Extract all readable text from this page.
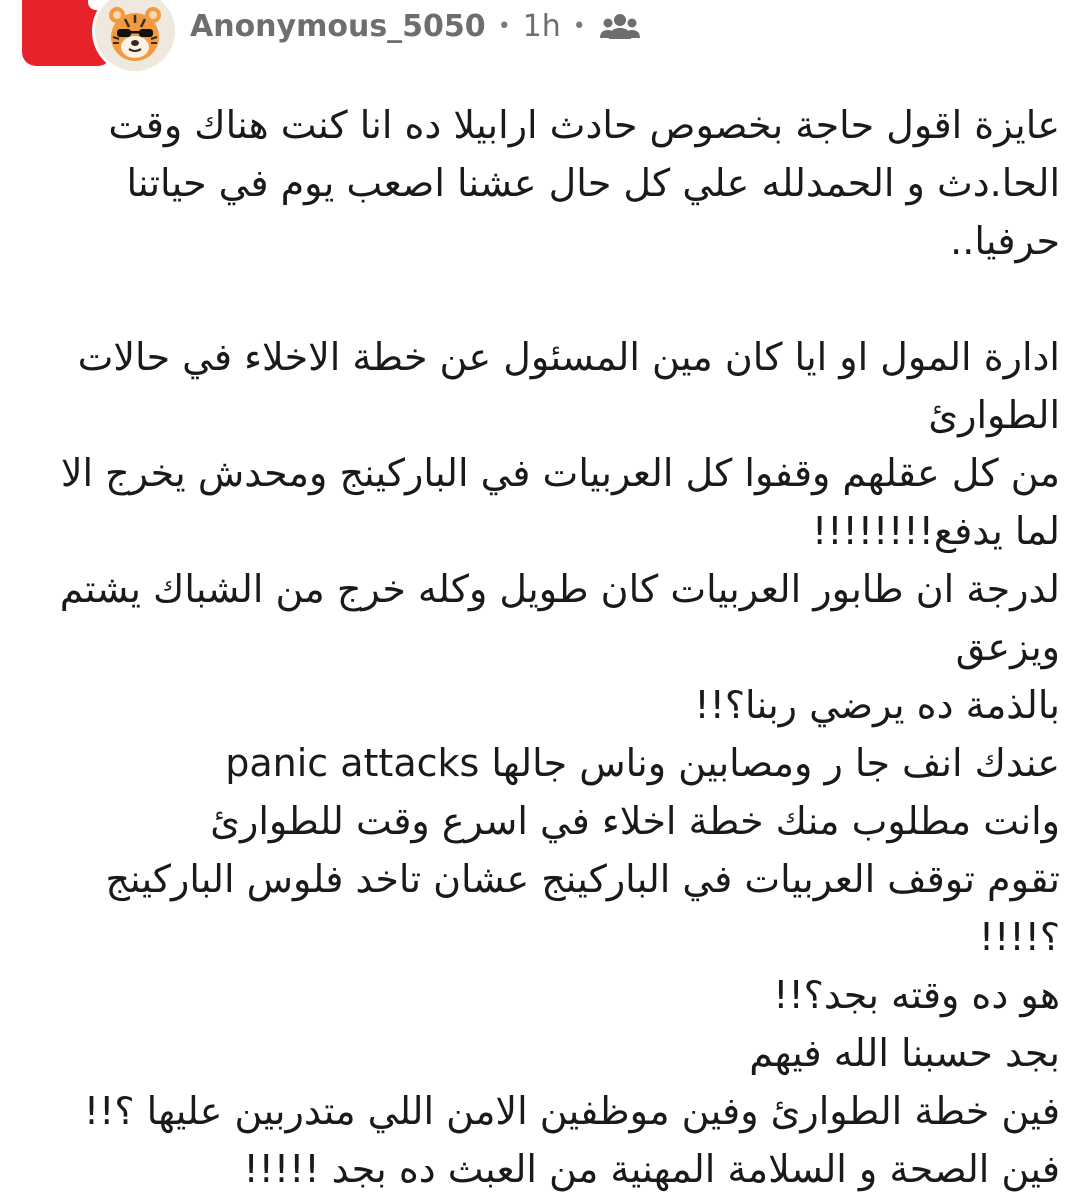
Anonymous_5050 • 1h •

عايزة اقول حاجة بخصوص حادث ارابيلا ده انا كنت هناك وقت الحا.دث و الحمدلله علي كل حال عشنا اصعب يوم في حياتنا حرفيا..

ادارة المول او ايا كان مين المسئول عن خطة الاخلاء في حالات الطوارئ

من كل عقلهم وقفوا كل العربيات في الباركينج ومحدش يخرج الا لما يدفع!!!!!!!!

لدرجة ان طابور العربيات كان طويل وكله خرج من الشباك يشتم ويزعق

بالذمة ده يرضي ربنا؟!!

عندك انف جا ر ومصابين وناس جالها panic attacks

وانت مطلوب منك خطة اخلاء في اسرع وقت للطوارئ

تقوم توقف العربيات في الباركينج عشان تاخد فلوس الباركينج ؟!!!!

هو ده وقته بجد؟!!

بجد حسبنا الله فيهم

فين خطة الطوارئ وفين موظفين الامن اللي متدربين عليها ؟!! فين الصحة و السلامة المهنية من العبث ده بجد !!!!!
